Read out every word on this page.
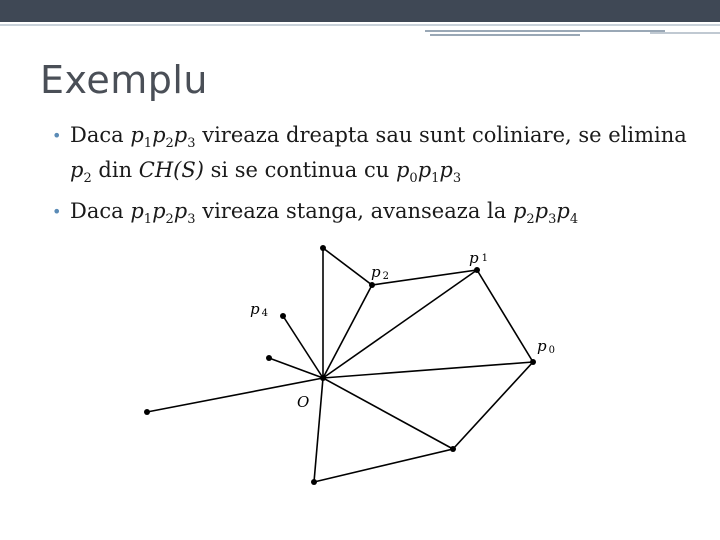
Exemplu
• Daca $p_1p_2p_3$ vireaza dreapta sau sunt coliniare, se elimina $p_2$ din CH(S) si se continua cu $p_0p_1p_3$
• Daca $p_1p_2p_3$ vireaza stanga, avanseaza la $p_2p_3p_4$
p 2
p 1
p 4
p 0
O
